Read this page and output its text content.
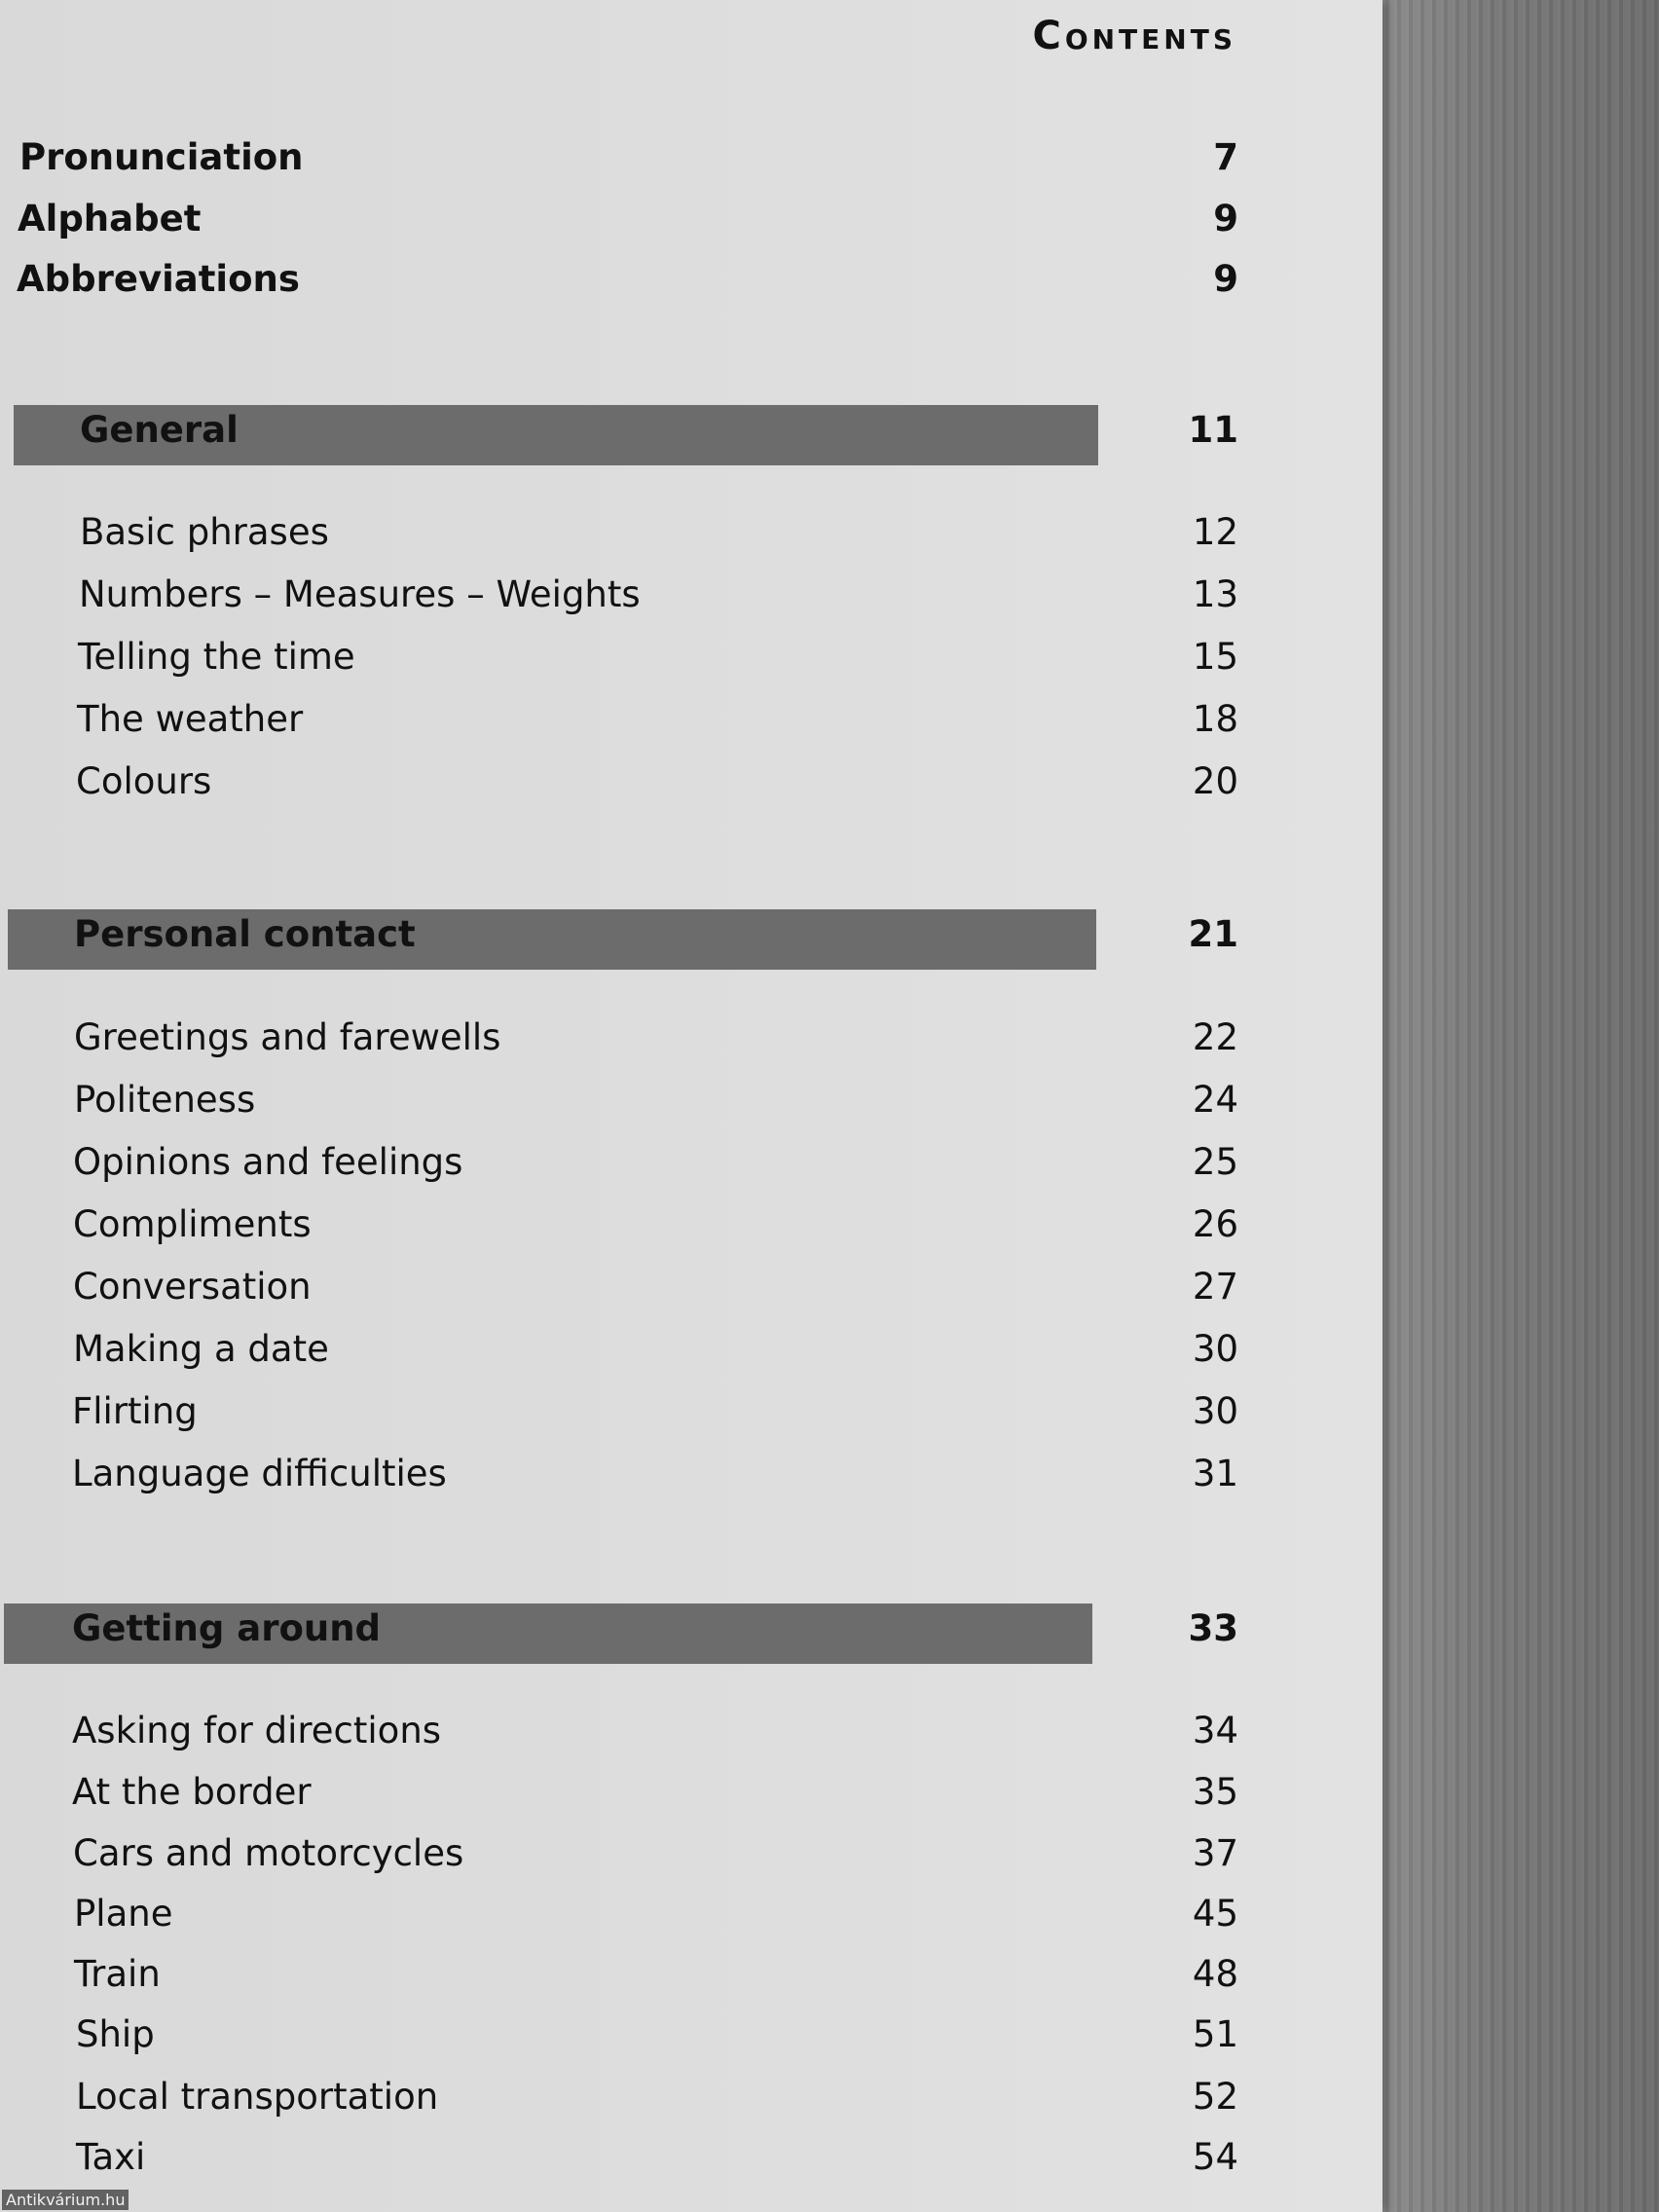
Contents
Pronunciation	7
Alphabet	9
Abbreviations	9
General	11
Basic phrases	12
Numbers – Measures – Weights	13
Telling the time	15
The weather	18
Colours	20
Personal contact	21
Greetings and farewells	22
Politeness	24
Opinions and feelings	25
Compliments	26
Conversation	27
Making a date	30
Flirting	30
Language difficulties	31
Getting around	33
Asking for directions	34
At the border	35
Cars and motorcycles	37
Plane	45
Train	48
Ship	51
Local transportation	52
Taxi	54
Antikvárium.hu
